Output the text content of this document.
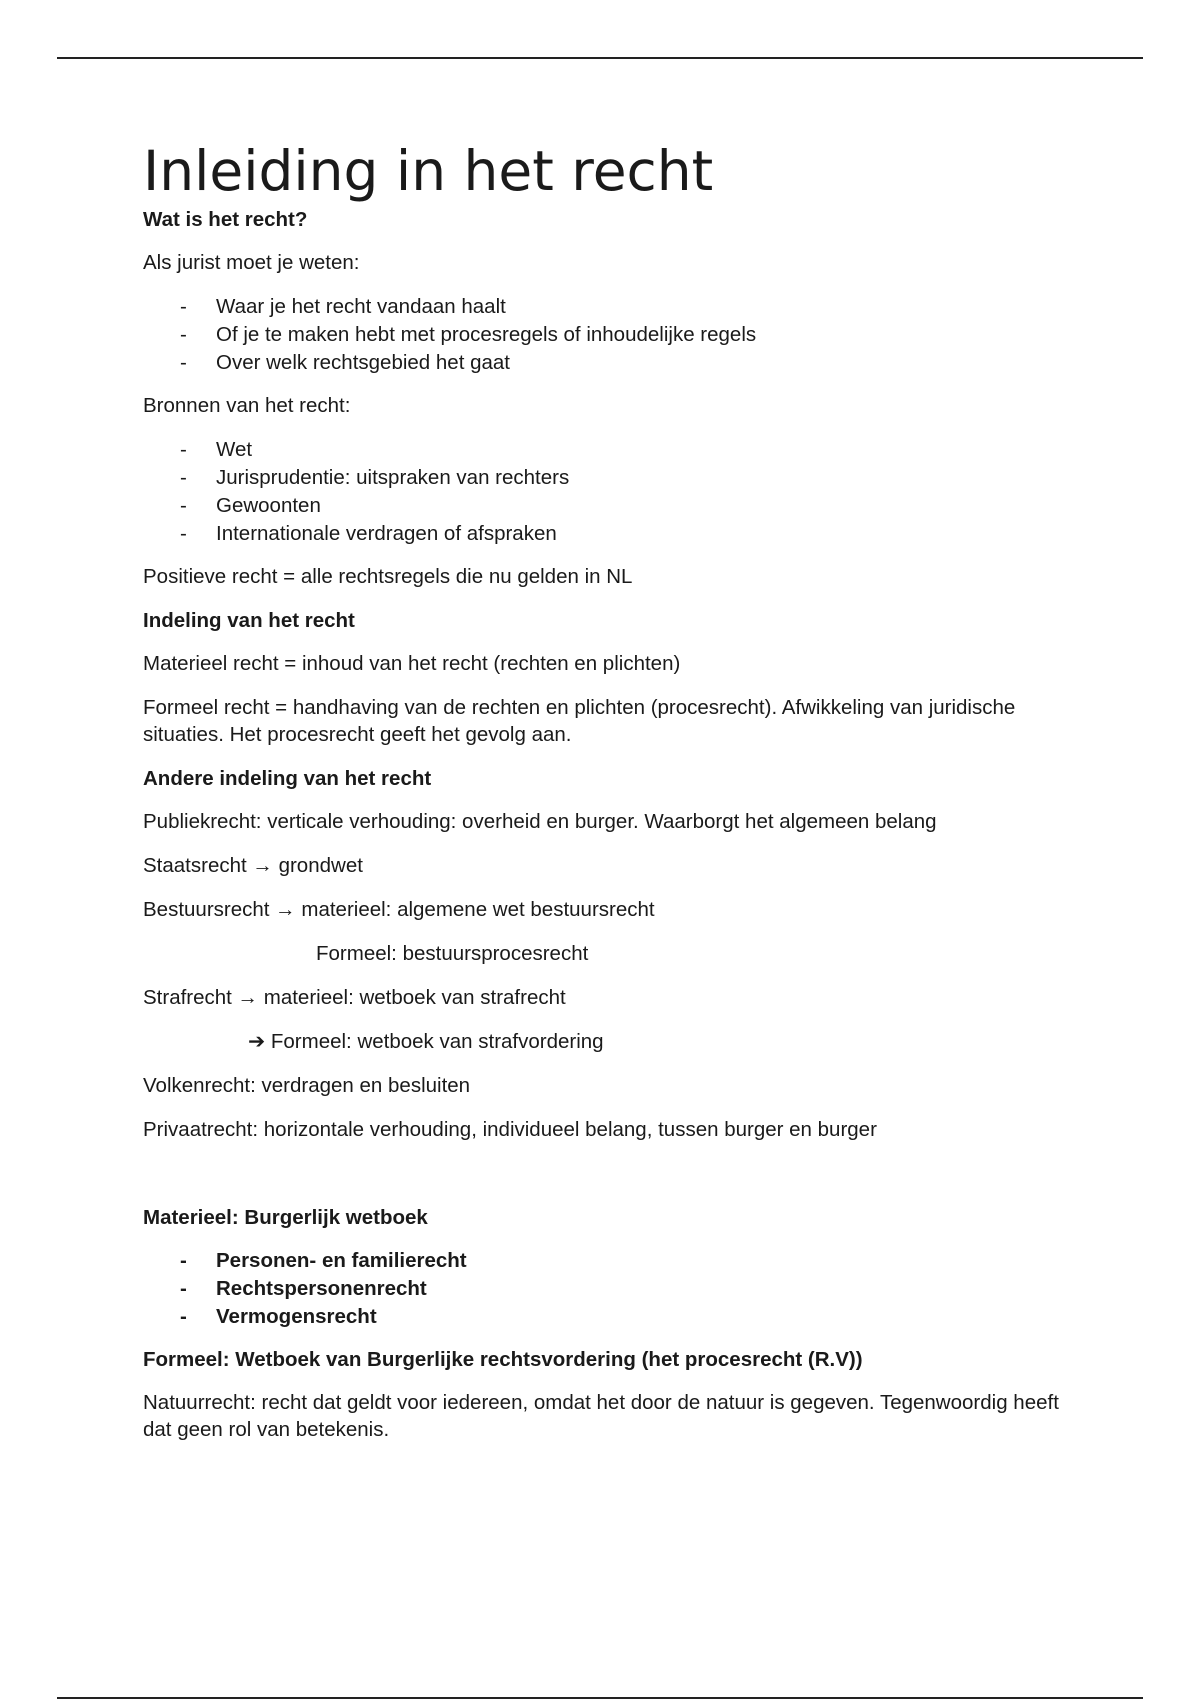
Inleiding in het recht
Wat is het recht?

Als jurist moet je weten:

- Waar je het recht vandaan haalt
- Of je te maken hebt met procesregels of inhoudelijke regels
- Over welk rechtsgebied het gaat

Bronnen van het recht:

- Wet
- Jurisprudentie: uitspraken van rechters
- Gewoonten
- Internationale verdragen of afspraken

Positieve recht = alle rechtsregels die nu gelden in NL

Indeling van het recht

Materieel recht = inhoud van het recht (rechten en plichten)

Formeel recht = handhaving van de rechten en plichten (procesrecht). Afwikkeling van juridische situaties. Het procesrecht geeft het gevolg aan.

Andere indeling van het recht

Publiekrecht: verticale verhouding: overheid en burger. Waarborgt het algemeen belang

Staatsrecht → grondwet

Bestuursrecht → materieel: algemene wet bestuursrecht

Formeel: bestuursprocesrecht

Strafrecht → materieel: wetboek van strafrecht

➔ Formeel: wetboek van strafvordering

Volkenrecht: verdragen en besluiten

Privaatrecht: horizontale verhouding, individueel belang, tussen burger en burger

Materieel: Burgerlijk wetboek
- Personen- en familierecht
- Rechtspersonenrecht
- Vermogensrecht
Formeel: Wetboek van Burgerlijke rechtsvordering (het procesrecht (R.V))

Natuurrecht: recht dat geldt voor iedereen, omdat het door de natuur is gegeven. Tegenwoordig heeft dat geen rol van betekenis.
